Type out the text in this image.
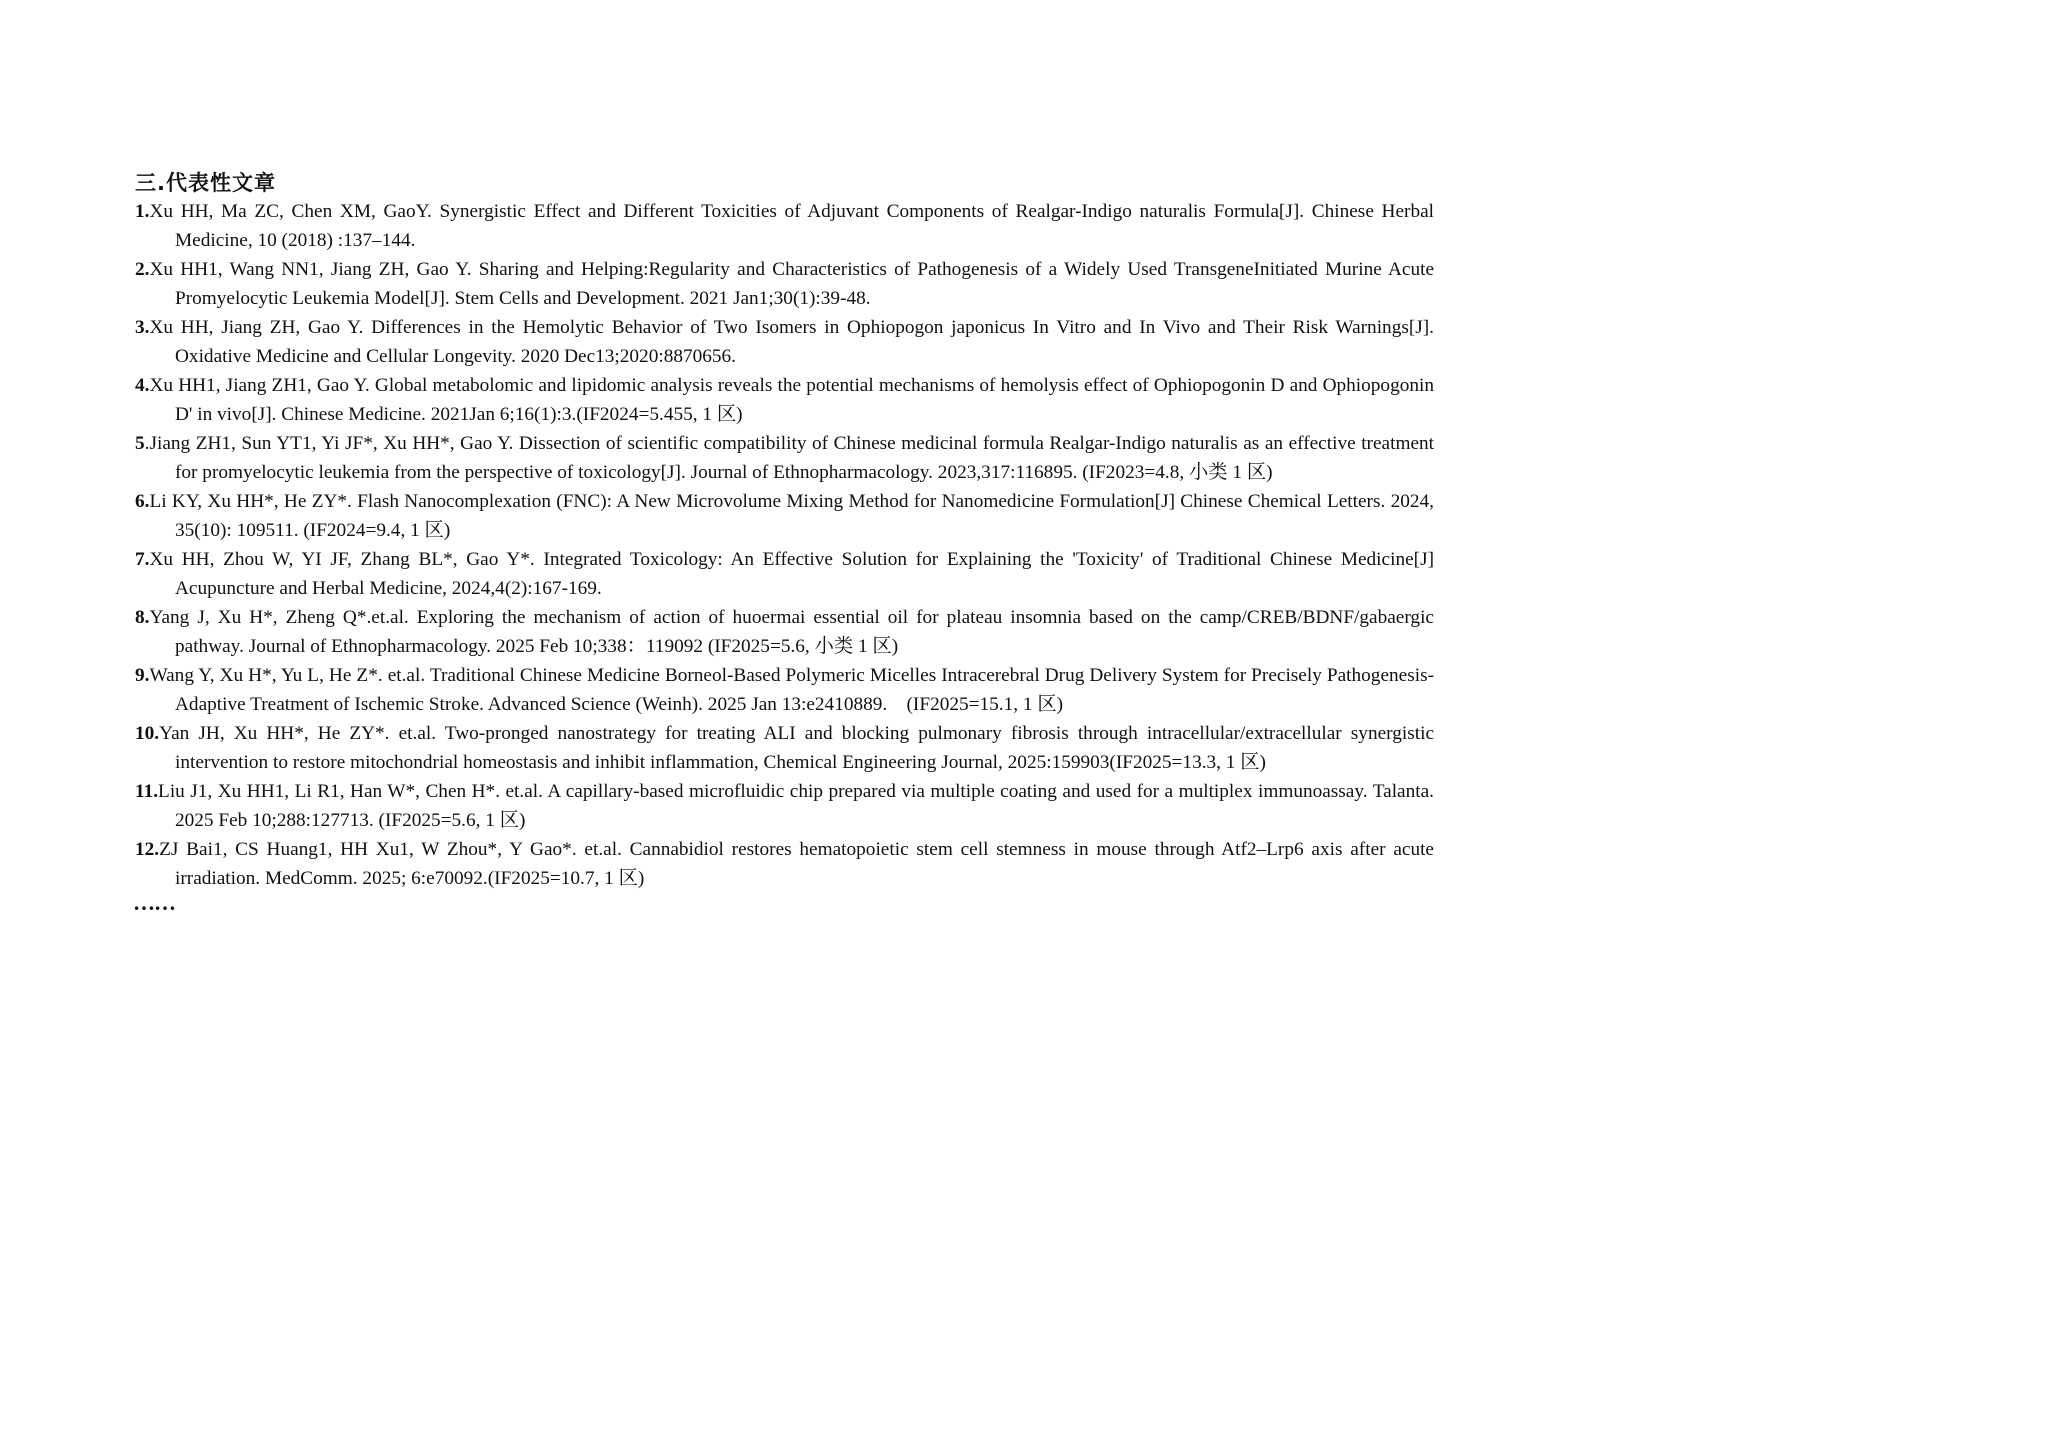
三.代表性文章
1.Xu HH, Ma ZC, Chen XM, GaoY. Synergistic Effect and Different Toxicities of Adjuvant Components of Realgar-Indigo naturalis Formula[J]. Chinese Herbal Medicine, 10 (2018) :137–144.
2.Xu HH1, Wang NN1, Jiang ZH, Gao Y. Sharing and Helping:Regularity and Characteristics of Pathogenesis of a Widely Used TransgeneInitiated Murine Acute Promyelocytic Leukemia Model[J]. Stem Cells and Development. 2021 Jan1;30(1):39-48.
3.Xu HH, Jiang ZH, Gao Y. Differences in the Hemolytic Behavior of Two Isomers in Ophiopogon japonicus In Vitro and In Vivo and Their Risk Warnings[J]. Oxidative Medicine and Cellular Longevity. 2020 Dec13;2020:8870656.
4.Xu HH1, Jiang ZH1, Gao Y. Global metabolomic and lipidomic analysis reveals the potential mechanisms of hemolysis effect of Ophiopogonin D and Ophiopogonin D' in vivo[J]. Chinese Medicine. 2021Jan 6;16(1):3.(IF2024=5.455, 1 区)
5.Jiang ZH1, Sun YT1, Yi JF*, Xu HH*, Gao Y. Dissection of scientific compatibility of Chinese medicinal formula Realgar-Indigo naturalis as an effective treatment for promyelocytic leukemia from the perspective of toxicology[J]. Journal of Ethnopharmacology. 2023,317:116895. (IF2023=4.8, 小类 1 区)
6.Li KY, Xu HH*, He ZY*. Flash Nanocomplexation (FNC): A New Microvolume Mixing Method for Nanomedicine Formulation[J] Chinese Chemical Letters. 2024, 35(10): 109511. (IF2024=9.4, 1 区)
7.Xu HH, Zhou W, YI JF, Zhang BL*, Gao Y*. Integrated Toxicology: An Effective Solution for Explaining the 'Toxicity' of Traditional Chinese Medicine[J] Acupuncture and Herbal Medicine, 2024,4(2):167-169.
8.Yang J, Xu H*, Zheng Q*.et.al. Exploring the mechanism of action of huoermai essential oil for plateau insomnia based on the camp/CREB/BDNF/gabaergic pathway. Journal of Ethnopharmacology. 2025 Feb 10;338：119092 (IF2025=5.6, 小类 1 区)
9.Wang Y, Xu H*, Yu L, He Z*. et.al. Traditional Chinese Medicine Borneol-Based Polymeric Micelles Intracerebral Drug Delivery System for Precisely Pathogenesis-Adaptive Treatment of Ischemic Stroke. Advanced Science (Weinh). 2025 Jan 13:e2410889.　(IF2025=15.1, 1 区)
10.Yan JH, Xu HH*, He ZY*. et.al. Two-pronged nanostrategy for treating ALI and blocking pulmonary fibrosis through intracellular/extracellular synergistic intervention to restore mitochondrial homeostasis and inhibit inflammation, Chemical Engineering Journal, 2025:159903(IF2025=13.3, 1 区)
11.Liu J1, Xu HH1, Li R1, Han W*, Chen H*. et.al. A capillary-based microfluidic chip prepared via multiple coating and used for a multiplex immunoassay. Talanta. 2025 Feb 10;288:127713. (IF2025=5.6, 1 区)
12.ZJ Bai1, CS Huang1, HH Xu1, W Zhou*, Y Gao*. et.al. Cannabidiol restores hematopoietic stem cell stemness in mouse through Atf2–Lrp6 axis after acute irradiation. MedComm. 2025; 6:e70092.(IF2025=10.7, 1 区)

……
